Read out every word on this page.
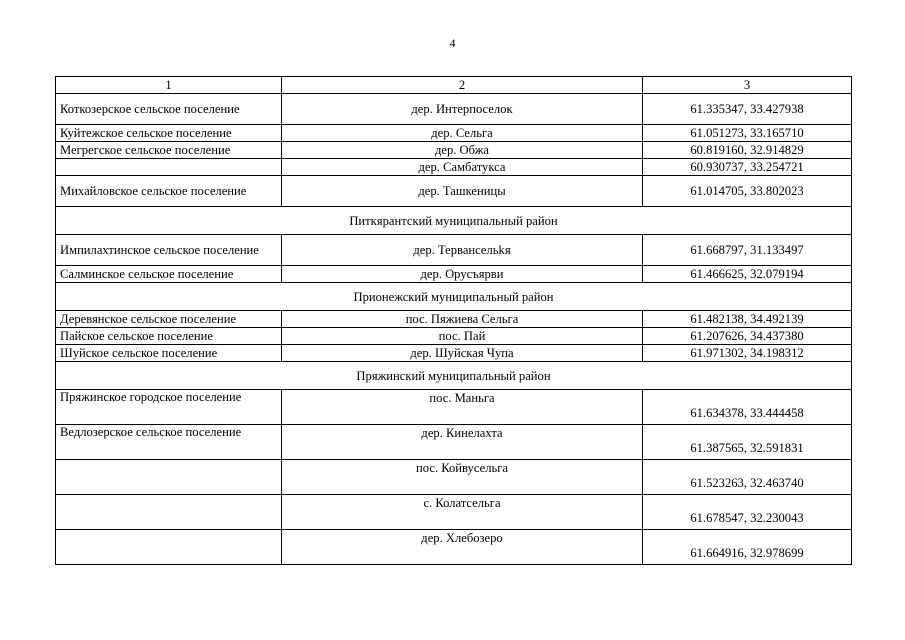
4
1	2	3
Коткозерское сельское поселение	дер. Интерпоселок	61.335347, 33.427938
Куйтежское сельское поселение	дер. Сельга	61.051273, 33.165710
Мегрегское сельское поселение	дер. Обжа	60.819160, 32.914829
	дер. Самбатукса	60.930737, 33.254721
Михайловское сельское поселение	дер. Ташкеницы	61.014705, 33.802023
Питкярантский муниципальный район		
Импилахтинское сельское поселение	дер. Тервансельkя	61.668797, 31.133497
Салминское сельское поселение	дер. Орусъярви	61.466625, 32.079194
Прионежский муниципальный район		
Деревянское сельское поселение	пос. Пяжиева Сельга	61.482138, 34.492139
Пайское сельское поселение	пос. Пай	61.207626, 34.437380
Шуйское сельское поселение	дер. Шуйская Чупа	61.971302, 34.198312
Пряжинский муниципальный район		
Пряжинское городское поселение	пос. Маньга	61.634378, 33.444458
Ведлозерское сельское поселение	дер. Кинелахта	61.387565, 32.591831
	пос. Койвусельга	61.523263, 32.463740
	с. Колатсельга	61.678547, 32.230043
	дер. Хлебозеро	61.664916, 32.978699
